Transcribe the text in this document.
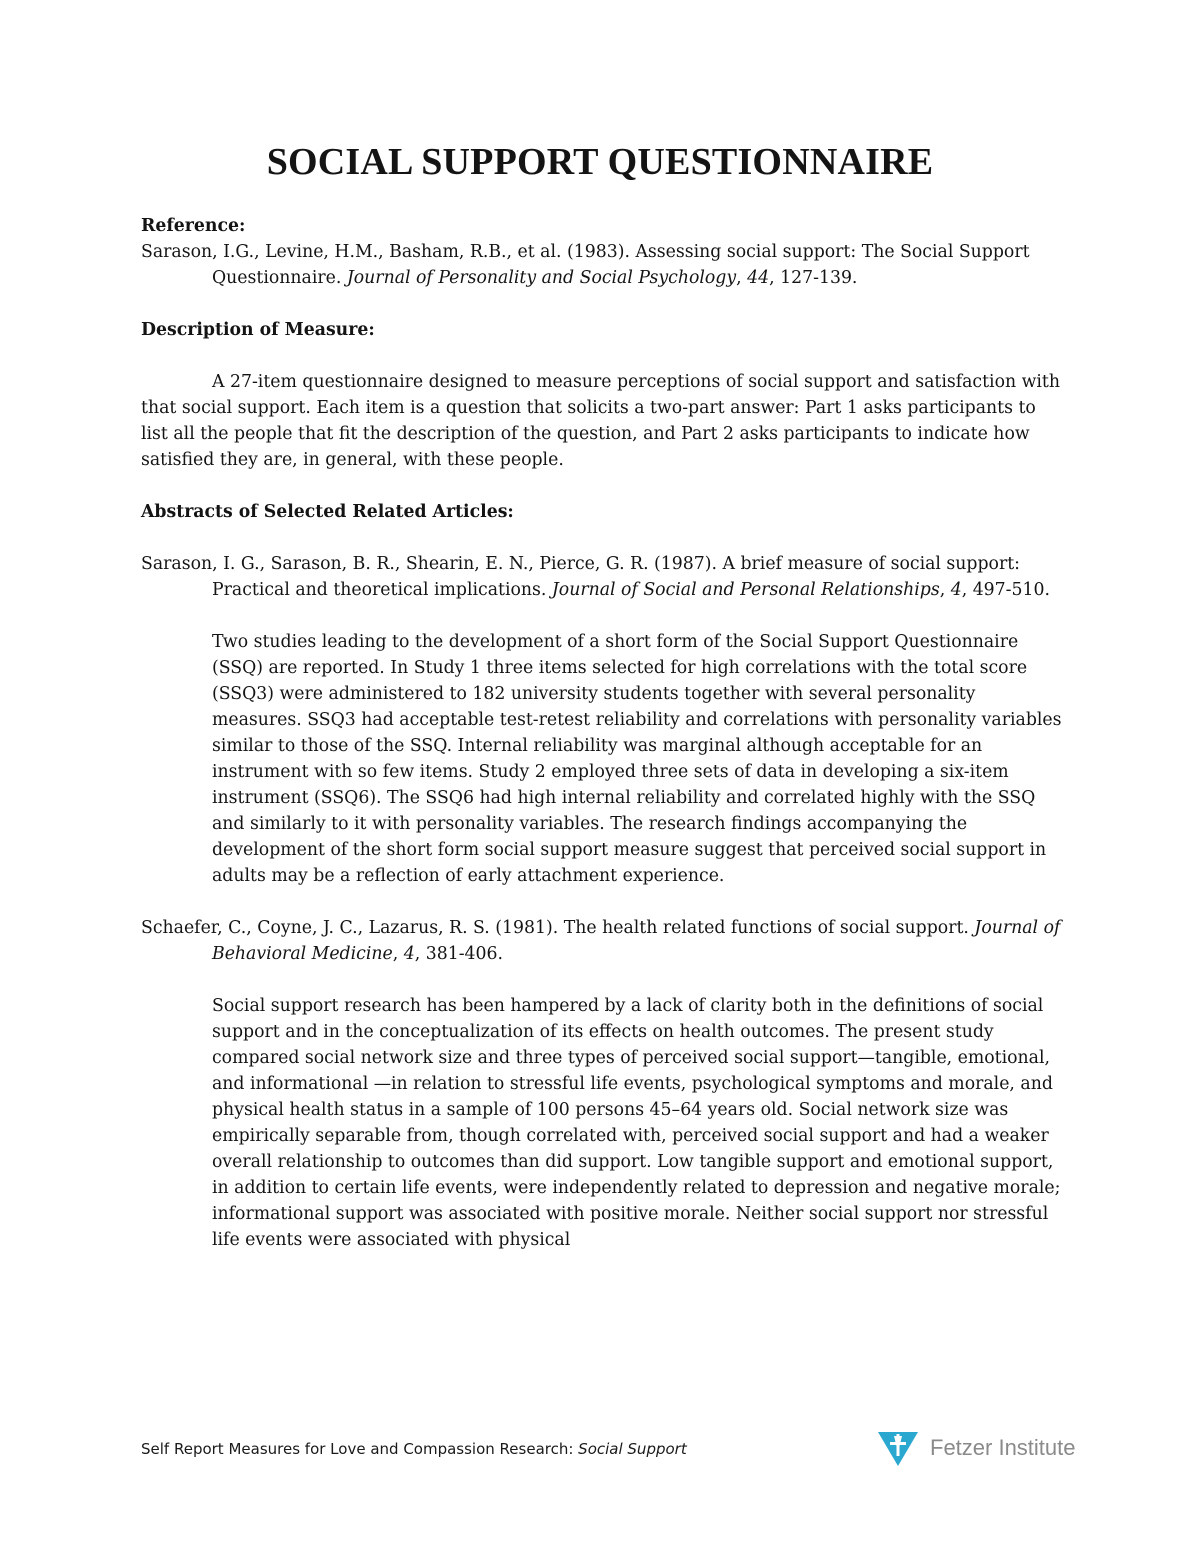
SOCIAL SUPPORT QUESTIONNAIRE

Reference:

Sarason, I.G., Levine, H.M., Basham, R.B., et al. (1983). Assessing social support: The Social Support Questionnaire. Journal of Personality and Social Psychology, 44, 127-139.

Description of Measure:

A 27-item questionnaire designed to measure perceptions of social support and satisfaction with that social support. Each item is a question that solicits a two-part answer: Part 1 asks participants to list all the people that fit the description of the question, and Part 2 asks participants to indicate how satisfied they are, in general, with these people.

Abstracts of Selected Related Articles:

Sarason, I. G., Sarason, B. R., Shearin, E. N., Pierce, G. R. (1987). A brief measure of social support: Practical and theoretical implications. Journal of Social and Personal Relationships, 4, 497-510.

Two studies leading to the development of a short form of the Social Support Questionnaire (SSQ) are reported. In Study 1 three items selected for high correlations with the total score (SSQ3) were administered to 182 university students together with several personality measures. SSQ3 had acceptable test-retest reliability and correlations with personality variables similar to those of the SSQ. Internal reliability was marginal although acceptable for an instrument with so few items. Study 2 employed three sets of data in developing a six-item instrument (SSQ6). The SSQ6 had high internal reliability and correlated highly with the SSQ and similarly to it with personality variables. The research findings accompanying the development of the short form social support measure suggest that perceived social support in adults may be a reflection of early attachment experience.

Schaefer, C., Coyne, J. C., Lazarus, R. S. (1981). The health related functions of social support. Journal of Behavioral Medicine, 4, 381-406.

Social support research has been hampered by a lack of clarity both in the definitions of social support and in the conceptualization of its effects on health outcomes. The present study compared social network size and three types of perceived social support—tangible, emotional, and informational —in relation to stressful life events, psychological symptoms and morale, and physical health status in a sample of 100 persons 45–64 years old. Social network size was empirically separable from, though correlated with, perceived social support and had a weaker overall relationship to outcomes than did support. Low tangible support and emotional support, in addition to certain life events, were independently related to depression and negative morale; informational support was associated with positive morale. Neither social support nor stressful life events were associated with physical

Self Report Measures for Love and Compassion Research: Social Support	Fetzer Institute
